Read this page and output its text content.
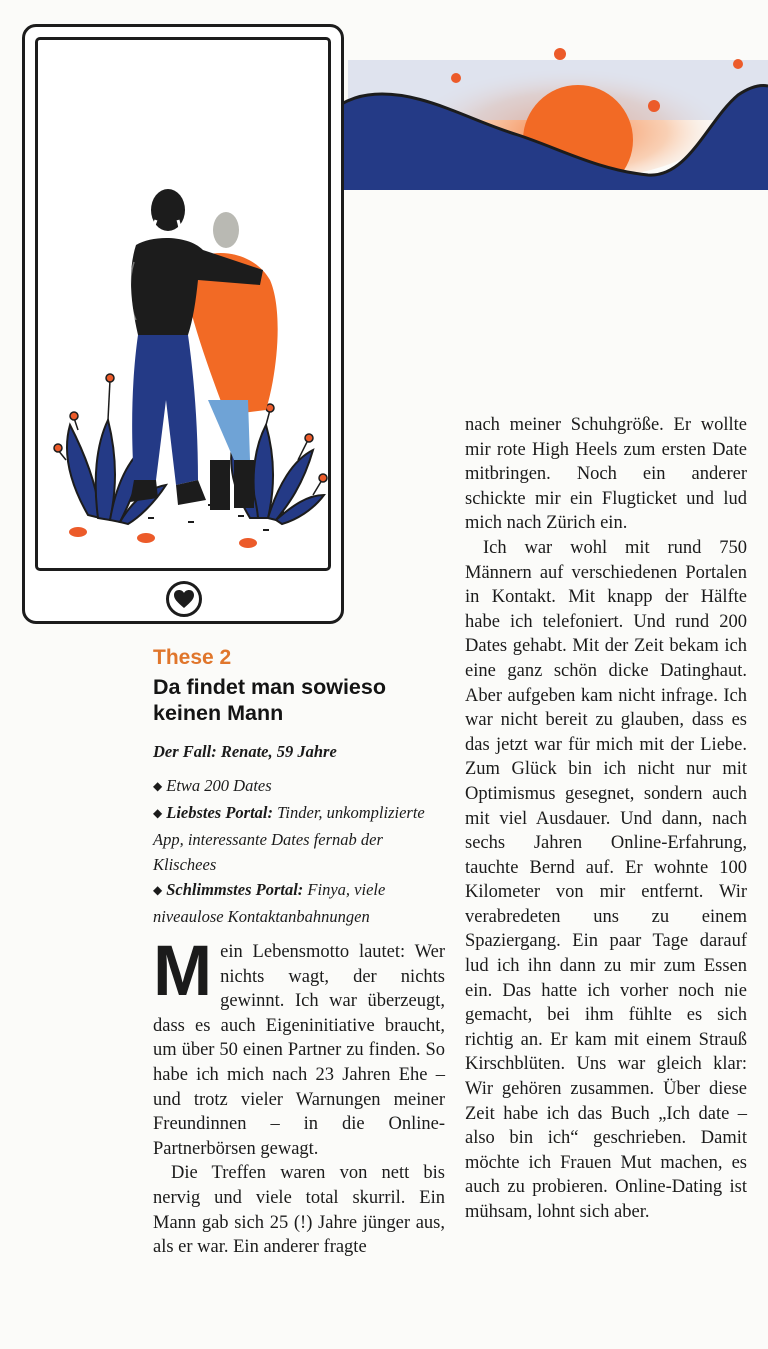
These 2
Da findet man sowieso keinen Mann
Der Fall: Renate, 59 Jahre

◆ Etwa 200 Dates

◆ Liebstes Portal: Tinder, unkomplizierte App, interessante Dates fernab der Klischees

◆ Schlimmstes Portal: Finya, viele niveaulose Kontaktanbahnungen

Mein Lebensmotto lautet: Wer nichts wagt, der nichts gewinnt. Ich war überzeugt, dass es auch Eigeninitiative braucht, um über 50 einen Partner zu finden. So habe ich mich nach 23 Jahren Ehe – und trotz vieler Warnungen meiner Freundinnen – in die Online-Partnerbörsen gewagt.

Die Treffen waren von nett bis nervig und viele total skurril. Ein Mann gab sich 25 (!) Jahre jünger aus, als er war. Ein anderer fragte

nach meiner Schuhgröße. Er wollte mir rote High Heels zum ersten Date mitbringen. Noch ein anderer schickte mir ein Flugticket und lud mich nach Zürich ein.

Ich war wohl mit rund 750 Männern auf verschiedenen Portalen in Kontakt. Mit knapp der Hälfte habe ich telefoniert. Und rund 200 Dates gehabt. Mit der Zeit bekam ich eine ganz schön dicke Datinghaut. Aber aufgeben kam nicht infrage. Ich war nicht bereit zu glauben, dass es das jetzt war für mich mit der Liebe. Zum Glück bin ich nicht nur mit Optimismus gesegnet, sondern auch mit viel Ausdauer. Und dann, nach sechs Jahren Online-Erfahrung, tauchte Bernd auf. Er wohnte 100 Kilometer von mir entfernt. Wir verabredeten uns zu einem Spaziergang. Ein paar Tage darauf lud ich ihn dann zu mir zum Essen ein. Das hatte ich vorher noch nie gemacht, bei ihm fühlte es sich richtig an. Er kam mit einem Strauß Kirschblüten. Uns war gleich klar: Wir gehören zusammen. Über diese Zeit habe ich das Buch „Ich date – also bin ich“ geschrieben. Damit möchte ich Frauen Mut machen, es auch zu probieren. Online-Dating ist mühsam, lohnt sich aber.
